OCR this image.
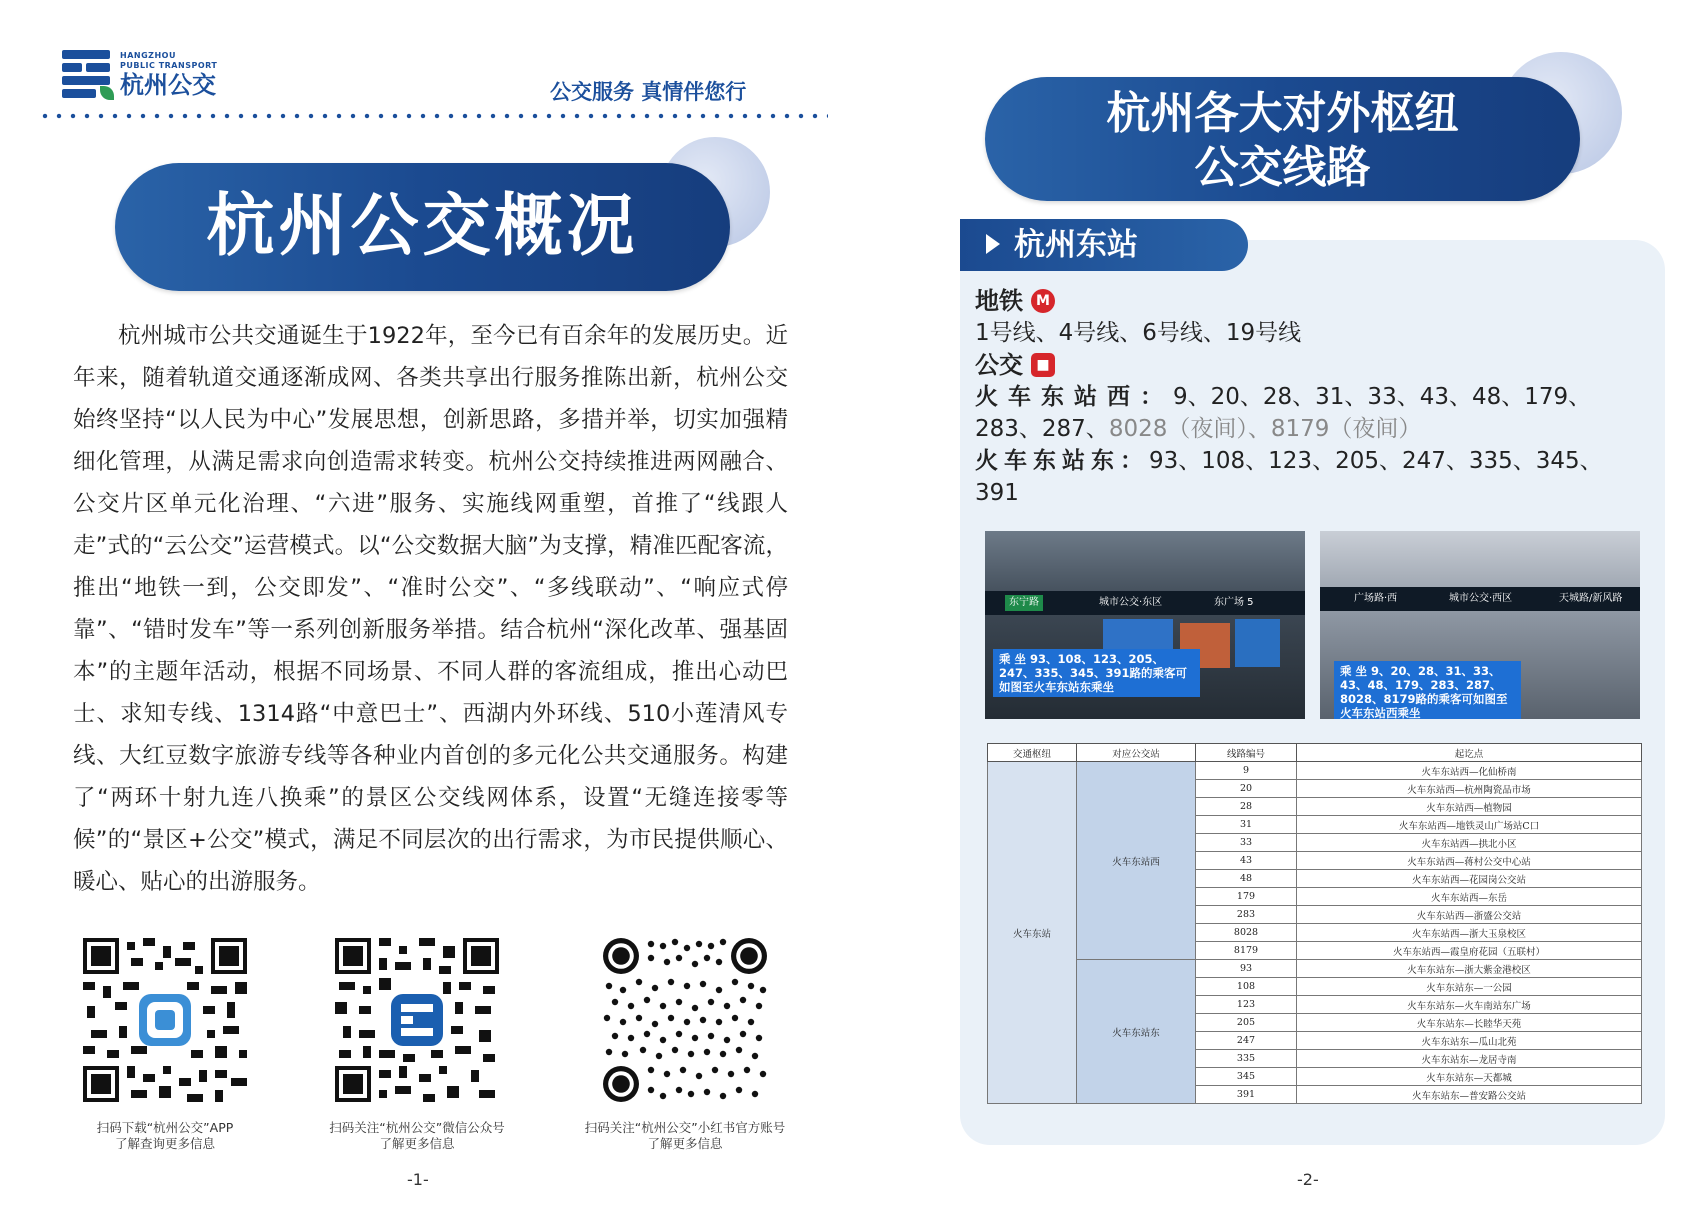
HANGZHOU
PUBLIC TRANSPORT
杭州公交	公交服务 真情伴您行
杭州公交概况

杭州城市公共交通诞生于1922年，至今已有百余年的发展历史。近年来，随着轨道交通逐渐成网、各类共享出行服务推陈出新，杭州公交始终坚持“以人民为中心”发展思想，创新思路，多措并举，切实加强精细化管理，从满足需求向创造需求转变。杭州公交持续推进两网融合、公交片区单元化治理、“六进”服务、实施线网重塑，首推了“线跟人走”式的“云公交”运营模式。以“公交数据大脑”为支撑，精准匹配客流，推出“地铁一到，公交即发”、“准时公交”、“多线联动”、“响应式停靠”、“错时发车”等一系列创新服务举措。结合杭州“深化改革、强基固本”的主题年活动，根据不同场景、不同人群的客流组成，推出心动巴士、求知专线、1314路“中意巴士”、西湖内外环线、510小莲清风专线、大红豆数字旅游专线等各种业内首创的多元化公共交通服务。构建了“两环十射九连八换乘”的景区公交线网体系，设置“无缝连接零等候”的“景区+公交”模式，满足不同层次的出行需求，为市民提供顺心、暖心、贴心的出游服务。

扫码下载“杭州公交”APP
了解查询更多信息
扫码关注“杭州公交”微信公众号
了解更多信息
扫码关注“杭州公交”小红书官方账号
了解更多信息
-1-
杭州各大对外枢纽
公交线路
杭州东站
地铁 M
1号线、4号线、6号线、19号线
公交 ■
火车东站西：9、20、28、31、33、43、48、179、283、287、8028（夜间）、8179（夜间）
火车东站东：93、108、123、205、247、335、345、391
东宁路	城市公交·东区	东广场 5
乘 坐 93、108、123、205、247、335、345、391路的乘客可如图至火车东站东乘坐
广场路·西	城市公交·西区	天城路/新风路
乘 坐 9、20、28、31、33、43、48、179、283、287、8028、8179路的乘客可如图至火车东站西乘坐
交通枢纽	对应公交站	线路编号	起讫点
火车东站	火车东站西	9	火车东站西—化仙桥南
		20	火车东站西—杭州陶瓷品市场
		28	火车东站西—植物园
		31	火车东站西—地铁灵山广场站C口
		33	火车东站西—拱北小区
		43	火车东站西—蒋村公交中心站
		48	火车东站西—花园岗公交站
		179	火车东站西—东岳
		283	火车东站西—浙盛公交站
		8028	火车东站西—浙大玉泉校区
		8179	火车东站西—霞皇府花园（五联村）
	火车东站东	93	火车东站东—浙大紫金港校区
		108	火车东站东—一公园
		123	火车东站东—火车南站东广场
		205	火车东站东—长睦华天苑
		247	火车东站东—瓜山北苑
		335	火车东站东—龙居寺南
		345	火车东站东—天都城
		391	火车东站东—普安路公交站
-2-
